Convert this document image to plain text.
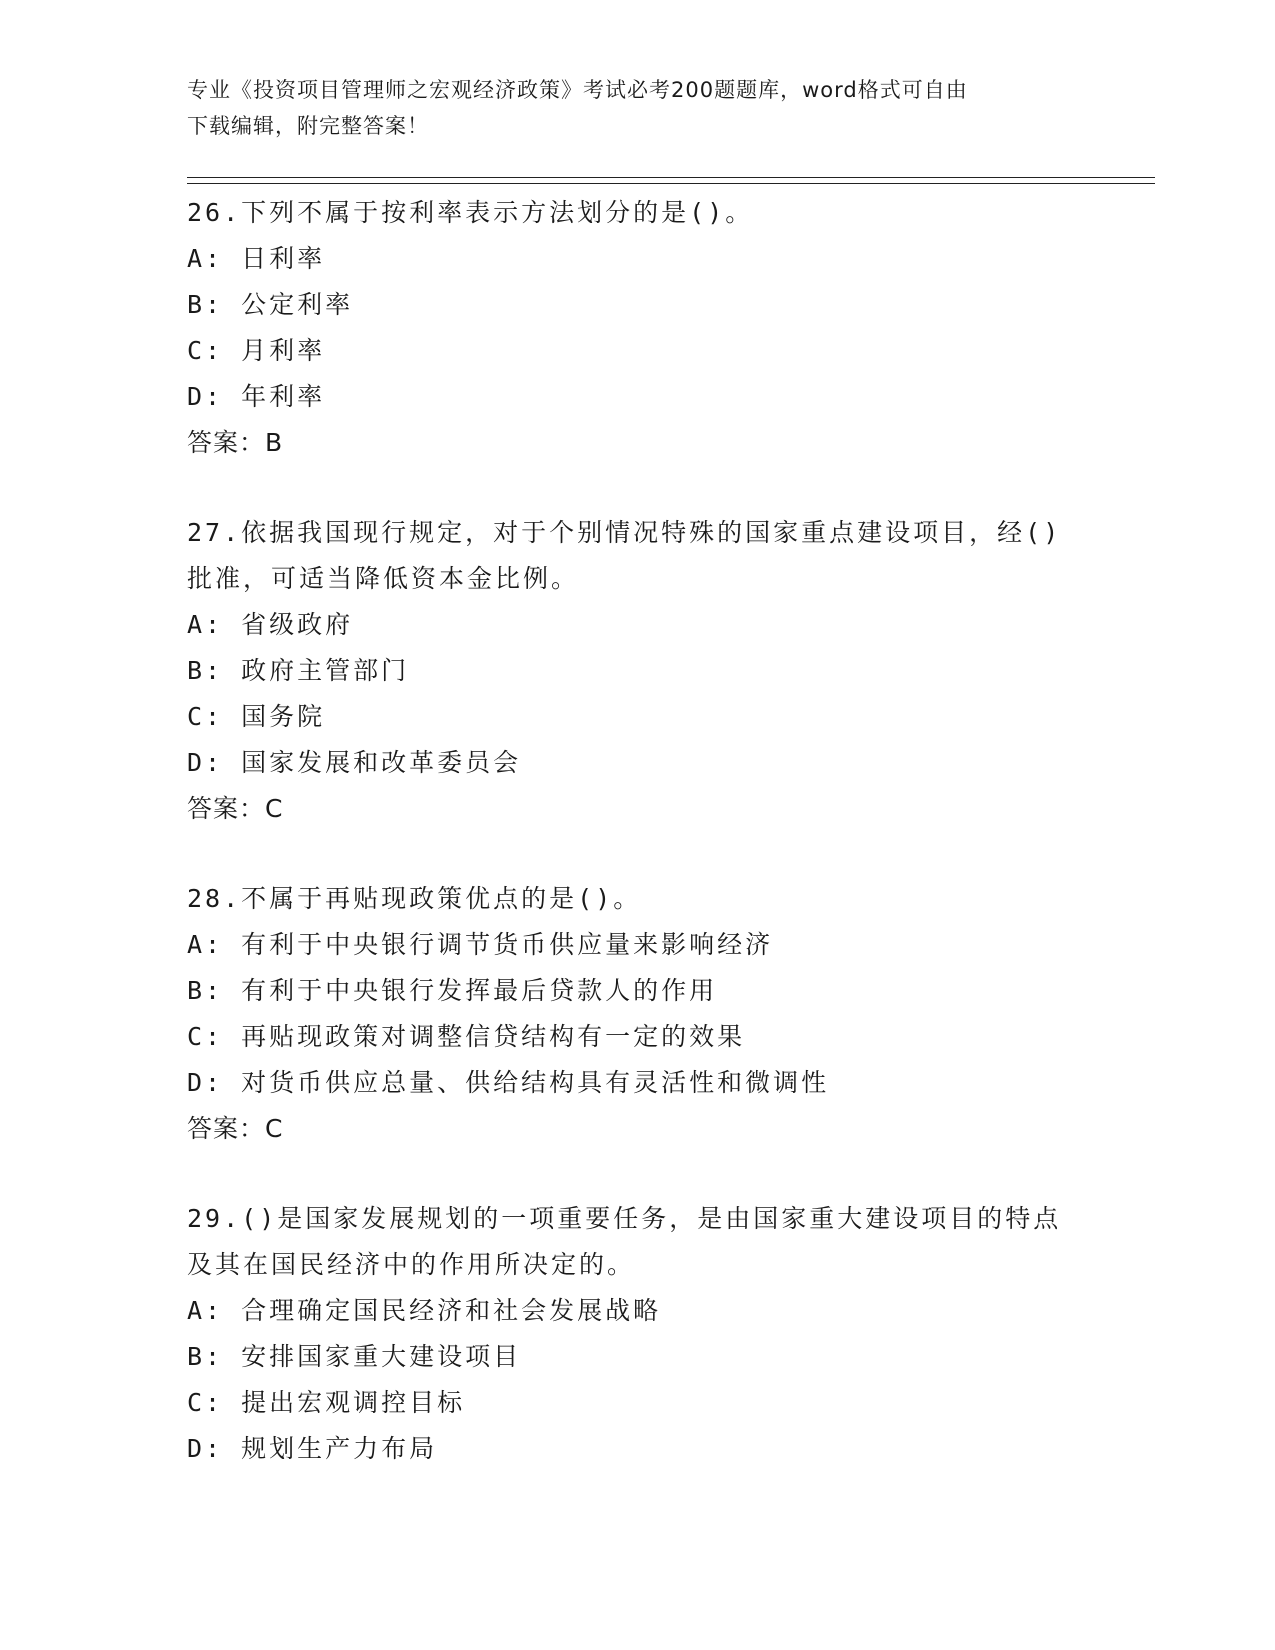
专业《投资项目管理师之宏观经济政策》考试必考200题题库，word格式可自由
下载编辑，附完整答案！
26.下列不属于按利率表示方法划分的是()。
A: 日利率
B: 公定利率
C: 月利率
D: 年利率
答案：B
27.依据我国现行规定，对于个别情况特殊的国家重点建设项目，经()
批准，可适当降低资本金比例。
A: 省级政府
B: 政府主管部门
C: 国务院
D: 国家发展和改革委员会
答案：C
28.不属于再贴现政策优点的是()。
A: 有利于中央银行调节货币供应量来影响经济
B: 有利于中央银行发挥最后贷款人的作用
C: 再贴现政策对调整信贷结构有一定的效果
D: 对货币供应总量、供给结构具有灵活性和微调性
答案：C
29.()是国家发展规划的一项重要任务，是由国家重大建设项目的特点
及其在国民经济中的作用所决定的。
A: 合理确定国民经济和社会发展战略
B: 安排国家重大建设项目
C: 提出宏观调控目标
D: 规划生产力布局
